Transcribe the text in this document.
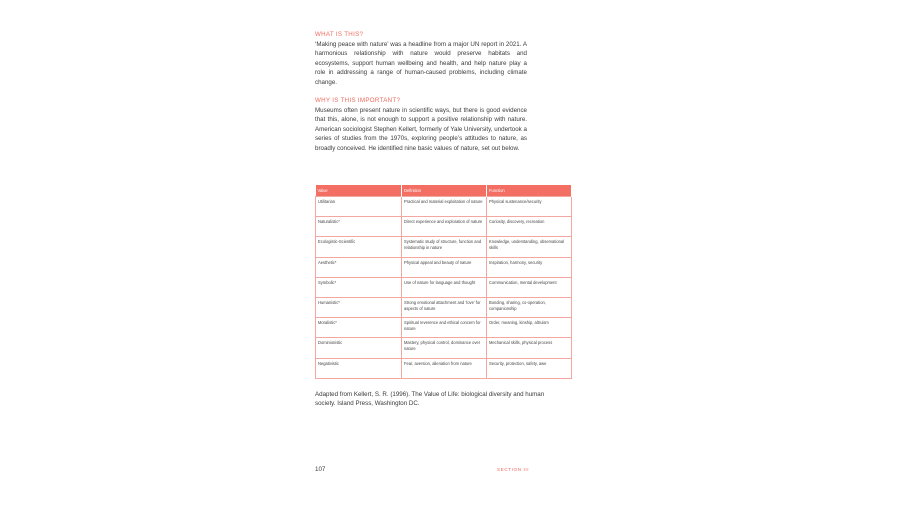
WHAT IS THIS?
‘Making peace with nature’ was a headline from a major UN report in 2021. A harmonious relationship with nature would preserve habitats and ecosystems, support human wellbeing and health, and help nature play a role in addressing a range of human-caused problems, including climate change.
WHY IS THIS IMPORTANT?
Museums often present nature in scientific ways, but there is good evidence that this, alone, is not enough to support a positive relationship with nature. American sociologist Stephen Kellert, formerly of Yale University, undertook a series of studies from the 1970s, exploring people’s attitudes to nature, as broadly conceived. He identified nine basic values of nature, set out below.
Value	Definition	Function
Utilitarian	Practical and material exploitation of nature	Physical sustenance/security
Naturalistic*	Direct experience and exploration of nature	Curiosity, discovery, recreation
Ecologistic-Scientific	Systematic study of structure, function and relationship in nature	Knowledge, understanding, observational skills
Aesthetic*	Physical appeal and beauty of nature	Inspiration, harmony, security
Symbolic*	Use of nature for language and thought	Communication, mental development
Humanistic*	Strong emotional attachment and ‘love’ for aspects of nature	Bonding, sharing, co-operation, companionship
Moralistic*	Spiritual reverence and ethical concern for nature	Order, meaning, kinship, altruism
Dominionistic	Mastery, physical control, dominance over nature	Mechanical skills, physical process
Negativistic	Fear, aversion, alienation from nature	Security, protection, safety, awe
Adapted from Kellert, S. R. (1996). The Value of Life: biological diversity and human society. Island Press, Washington DC.
107	SECTION III
